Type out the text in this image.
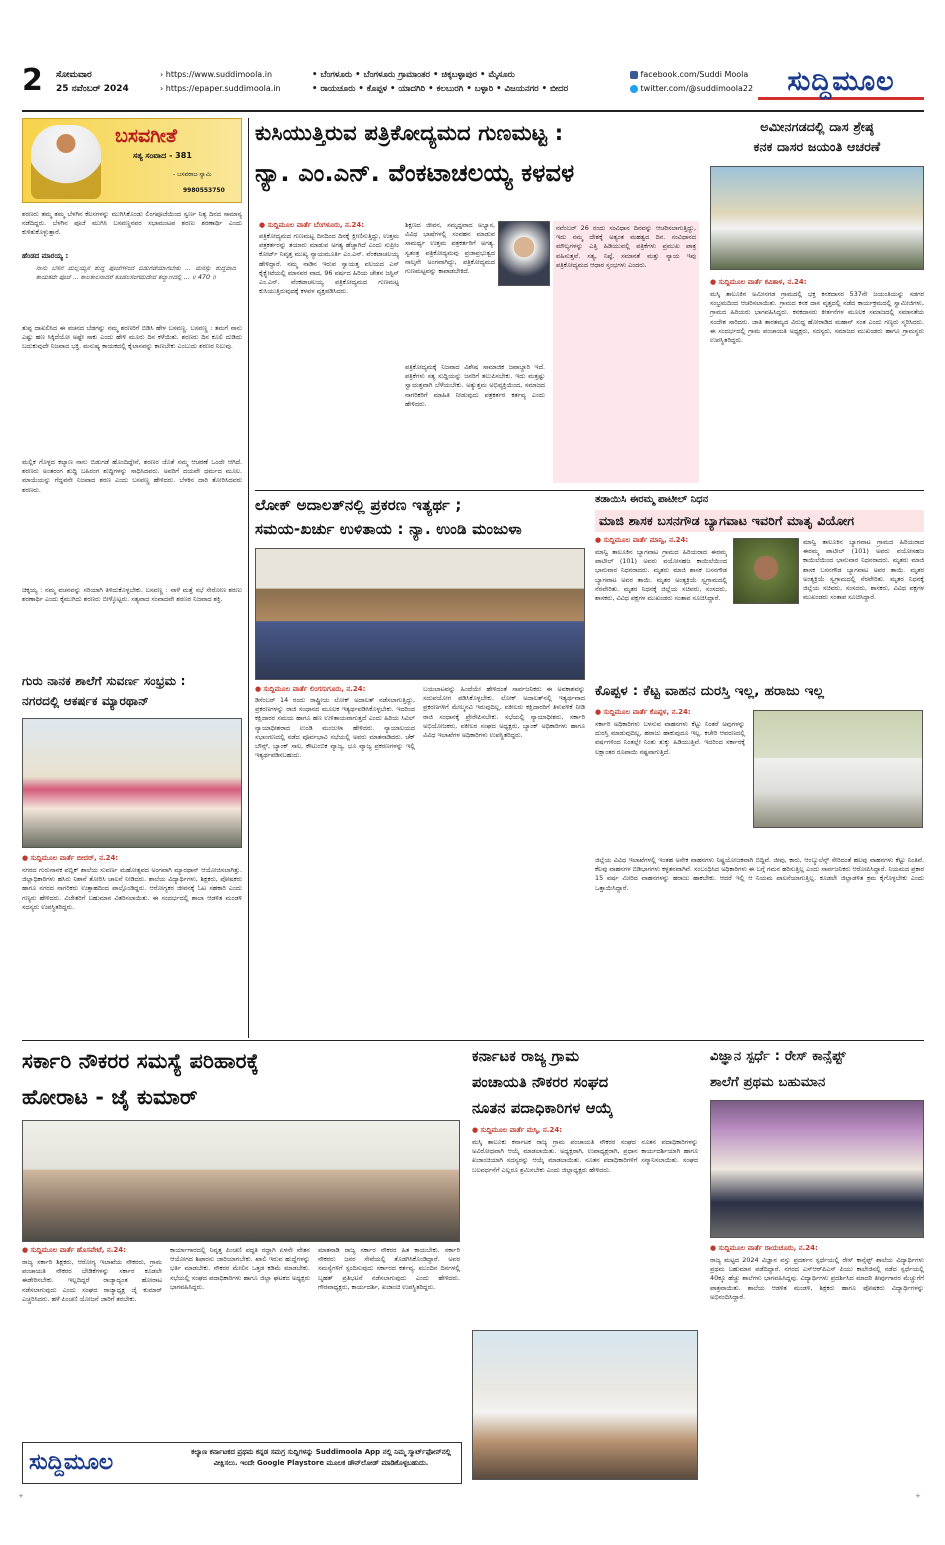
2 ಸೋಮವಾರ
25 ನವೆಂಬರ್ 2024
› https://www.suddimoola.in
› https://epaper.suddimoola.in
• ಬೆಂಗಳೂರು • ಬೆಂಗಳೂರು ಗ್ರಾಮಾಂತರ • ಚಿಕ್ಕಬಳ್ಳಾಪುರ • ಮೈಸೂರು
• ರಾಯಚೂರು • ಕೊಪ್ಪಳ • ಯಾದಗಿರಿ • ಕಲಬುರಗಿ • ಬಳ್ಳಾರಿ • ವಿಜಯನಗರ • ಬೀದರ
facebook.com/Suddi Moola
twitter.com/@suddimoola22	ಸುದ್ದಿಮೂಲ
ಬಸವಗೀತೆ
ಸತ್ಯ ಸಂವಾದ - 381
- ಬಸವರಾಜ ಸ್ವಾಮಿ
9980553750
ಶರಣರು ತಮ್ಮ ತಮ್ಮ ಬೆಳಗಿನ ಕೆಲಸಗಳನ್ನು ಮುಗಿಸಿಕೊಂಡು ಲಿಂಗಪೂಜೆಯಿಂದ ಸ್ವರ್ಣ ನಿತ್ಯ ದಿನದ ಸಾಮಾನ್ಯ ನಡೆದಿದ್ದರು. ಬೆಳಗಿನ ಪೂಜೆ ಮುಗಿಸಿ ಬಸವಣ್ಣನವರ ಸಭಾಮಂಟಪ ಶರಣು ಶರಣಾರ್ಥಿ ಎಂದು ಕುಳಿತುಕೊಳ್ಳುತ್ತಾರೆ.
ಹೆಂಡದ ಮಾರಯ್ಯ :
ನಾನು ಬೆಸನೆ ಮಲ್ಲಯ್ಯನ ಶುದ್ಧ ಪೂಜೆಗಳಿಂದ ಬಿಡುಗಡೆಯಾಗಬೇಕು ... ಮನಸ್ಸು ಶುದ್ಧವಾದ ಕಾಯಕವೇ ಪೂಜೆ ... ಕಾಲಕಾಲನಾದರೆ ಕೂಡಲಸಂಗಮದೇವ ಕಲ್ಯಾಣದಲ್ಲಿ ... ॥ 470 ॥
ತುಪ್ಪ ದಾಖಲಿಸಿದ ಈ ವಚನದ ಬೆಡಗನ್ನು ನಮ್ಮ ಶರಣರಿಗೆ ಬಿಡಿಸಿ ಹೇಳ ಬಸವಣ್ಣ. ಬಸವಣ್ಣ : ತಮಗೆ ನಾನು ಎಷ್ಟು ಹಣ ಸಿಕ್ಕಿದೆಯೋ ಅಷ್ಟೇ ಸಾಕು ಎಂದು ಹೇಳಿ ಮೂರು ದಿನ ಕಳೆಯಿತು. ಶರಣರು ದಿನ ಕೂಲಿ ದುಡಿದು ಬದುಕುವುದೇ ನಿಜವಾದ ಭಕ್ತಿ. ಮನುಷ್ಯ ಕಾಯಕದಲ್ಲಿ ಕೈಲಾಸವನ್ನು ಕಾಣಬೇಕು ಎಂಬುದು ಶರಣರ ನಿಲುವು.
ಮಲ್ಲಿಕ ಗೊಳ್ಳದ ಕಲ್ಯಾಣ ನಾನು ಬಿಡುಗಡೆ ಹೊಂದಿದ್ದೇನೆ, ಶರಣರ ಜೊತೆ ನಮ್ಮ ಆಚರಣೆ ಒಂದೇ ಆಗಿದೆ. ಶರಣರು ಅಂತರಂಗ ಶುದ್ಧಿ ಬಹಿರಂಗ ಶುದ್ಧಿಗಳನ್ನು ಸಾಧಿಸಿದವರು. ಅವರಿಗೆ ದಯವೇ ಧರ್ಮದ ಮೂಲ. ಮಾಯೆಯನ್ನು ಗೆದ್ದವನೇ ನಿಜವಾದ ಶರಣ ಎಂದು ಬಸವಣ್ಣ ಹೇಳಿದರು. ಬೆಳಕಿನ ದಾರಿ ತೋರಿಸಿದವರು ಶರಣರು.
ಚಿಕ್ಕಯ್ಯ : ನಮ್ಮ ವಚನವನ್ನು ಸರಿಯಾಗಿ ತಿಳಿದುಕೊಳ್ಳಬೇಕು. ಬಸವಣ್ಣ : ನಾಳೆ ಮತ್ತೆ ಸಭೆ ಸೇರೋಣ ಶರಣು ಶರಣಾರ್ಥಿ ಎಂದು ಕೈಮುಗಿದು ಶರಣರು ಬೀಳ್ಕೊಟ್ಟರು. ಸತ್ಯವಾದ ಸಂವಾದವೇ ಶರಣರ ನಿಜವಾದ ಶಕ್ತಿ.
ಕುಸಿಯುತ್ತಿರುವ ಪತ್ರಿಕೋದ್ಯಮದ ಗುಣಮಟ್ಟ :
ನ್ಯಾ. ಎಂ.ಎನ್. ವೆಂಕಟಾಚಲಯ್ಯ ಕಳವಳ
● ಸುದ್ದಿಮೂಲ ವಾರ್ತೆ ಬೆಂಗಳೂರು, ನ.24:
ಪತ್ರಿಕೋದ್ಯಮದ ಗುಣಮಟ್ಟ ದಿನದಿಂದ ದಿನಕ್ಕೆ ಕ್ಷೀಣಿಸುತ್ತಿದ್ದು, ಉತ್ತಮ ಪತ್ರಕರ್ತರನ್ನು ತಯಾರು ಮಾಡುವ ಅಗತ್ಯ ಹೆಚ್ಚಾಗಿದೆ ಎಂದು ಸುಪ್ರೀಂ ಕೋರ್ಟ್ ನಿವೃತ್ತ ಮುಖ್ಯ ನ್ಯಾಯಮೂರ್ತಿ ಎಂ.ಎನ್. ವೆಂಕಟಾಚಲಯ್ಯ ಹೇಳಿದ್ದಾರೆ. ನಮ್ಮ ನಾಡಿನ ಇರುವ ಸ್ವಾಯತ್ತ ವಲಯದ ಎಸ್ ಕೈಕ್ಸ್ಪೇಟೆಯಲ್ಲಿ ಮಾನವರ ವಾದ, 96 ವರ್ಷದ ಹಿರಿಯ ಚೇತನ ಜಸ್ಟಿಸ್ ಎಂ.ಎನ್. ವೆಂಕಟಾಚಲಯ್ಯ ಪತ್ರಿಕೋದ್ಯಮದ ಗುಣಮಟ್ಟ ಕುಸಿಯುತ್ತಿರುವುದಕ್ಕೆ ಕಳವಳ ವ್ಯಕ್ತಪಡಿಸಿದರು.
ಪತ್ರಿಕೋದ್ಯಮಕ್ಕೆ ನಿಜವಾದ ವಿಶೇಷ ಸಾಮಾಜಿಕ ಜವಾಬ್ದಾರಿ ಇದೆ. ಪತ್ರಿಕೆಗಳು ಸತ್ಯ ಸುದ್ದಿಯನ್ನು ಜನರಿಗೆ ತಲುಪಿಸಬೇಕು. ಇದು ಮತ್ತಷ್ಟು ಸ್ವಾಯತ್ತವಾಗಿ ಬೆಳೆಯಬೇಕು. ಅತ್ಯುತ್ತಮ ಅಭಿವ್ಯಕ್ತಿಯಿಂದ, ಸಮಾಜದ ನಾಗರಿಕರಿಗೆ ಮಾಹಿತಿ ನೀಡುವುದು ಪತ್ರಕರ್ತರ ಕರ್ತವ್ಯ ಎಂದು ಹೇಳಿದರು.
ಶಿಕ್ಷಣದ ಜೀವನ, ಸಮೃದ್ಧವಾದ ಅಭ್ಯಾಸ, ವಿವಿಧ ಭಾಷೆಗಳಲ್ಲಿ ಸಂವಹನ ಮಾಡುವ ಸಾಮರ್ಥ್ಯ ಉತ್ತಮ ಪತ್ರಕರ್ತರಿಗೆ ಅಗತ್ಯ. ಸ್ವತಂತ್ರ ಪತ್ರಿಕೋದ್ಯಮವು ಪ್ರಜಾಪ್ರಭುತ್ವದ ನಾಲ್ಕನೇ ಅಂಗವಾಗಿದ್ದು, ಪತ್ರಿಕೋದ್ಯಮದ ಗುಣಮಟ್ಟವನ್ನು ಕಾಪಾಡಬೇಕಿದೆ.
ನವೆಂಬರ್ 26 ರಂದು ಸಂವಿಧಾನ ದಿನವನ್ನು ಆಚರಿಸಲಾಗುತ್ತಿದ್ದು, ಇದು ನಮ್ಮ ದೇಶಕ್ಕೆ ಅತ್ಯಂತ ಮಹತ್ವದ ದಿನ. ಸಂವಿಧಾನದ ಮೌಲ್ಯಗಳನ್ನು ಎತ್ತಿ ಹಿಡಿಯುವಲ್ಲಿ ಪತ್ರಿಕೆಗಳು ಪ್ರಮುಖ ಪಾತ್ರ ವಹಿಸುತ್ತವೆ. ಸತ್ಯ, ನಿಷ್ಠೆ, ಸಮಾನತೆ ಮತ್ತು ನ್ಯಾಯ ಇವು ಪತ್ರಿಕೋದ್ಯಮದ ಆಧಾರ ಸ್ತಂಭಗಳು ಎಂದರು.
ಅಮೀನಗಡದಲ್ಲಿ ದಾಸ ಶ್ರೇಷ್ಠ
ಕನಕ ದಾಸರ ಜಯಂತಿ ಆಚರಣೆ
● ಸುದ್ದಿಮೂಲ ವಾರ್ತೆ ಕವಿತಾಳ, ನ.24:
ಮಸ್ಕಿ ತಾಲೂಕಿನ ಅಮೀನಗಡ ಗ್ರಾಮದಲ್ಲಿ ಭಕ್ತ ಕನಕದಾಸರ 537ನೇ ಜಯಂತಿಯನ್ನು ಸಡಗರ ಸಂಭ್ರಮದಿಂದ ಆಚರಿಸಲಾಯಿತು. ಗ್ರಾಮದ ಕನಕ ದಾಸ ವೃತ್ತದಲ್ಲಿ ನಡೆದ ಕಾರ್ಯಕ್ರಮದಲ್ಲಿ ಸ್ವಾಮೀಜಿಗಳು, ಗ್ರಾಮದ ಹಿರಿಯರು ಭಾಗವಹಿಸಿದ್ದರು. ಕನಕದಾಸರು ಕೀರ್ತನೆಗಳ ಮೂಲಕ ಸಮಾಜದಲ್ಲಿ ಸಮಾನತೆಯ ಸಂದೇಶ ಸಾರಿದರು. ಜಾತಿ ತಾರತಮ್ಯದ ವಿರುದ್ಧ ಹೋರಾಡಿದ ಮಹಾನ್ ಸಂತ ಎಂದು ಗಣ್ಯರು ಸ್ಮರಿಸಿದರು. ಈ ಸಂದರ್ಭದಲ್ಲಿ ಗ್ರಾಮ ಪಂಚಾಯತಿ ಅಧ್ಯಕ್ಷರು, ಸದಸ್ಯರು, ಸಮಾಜದ ಮುಖಂಡರು ಹಾಗೂ ಗ್ರಾಮಸ್ಥರು ಉಪಸ್ಥಿತರಿದ್ದರು.
ಲೋಕ್ ಅದಾಲತ್‌ನಲ್ಲಿ ಪ್ರಕರಣ ಇತ್ಯರ್ಥ ;
ಸಮಯ-ಖರ್ಚು ಉಳಿತಾಯ : ನ್ಯಾ. ಉಂಡಿ ಮಂಜುಳಾ
● ಸುದ್ದಿಮೂಲ ವಾರ್ತೆ ಲಿಂಗಸುಗೂರು, ನ.24:
ಡಿಸೆಂಬರ್ 14 ರಂದು ರಾಷ್ಟ್ರೀಯ ಲೋಕ್ ಅದಾಲತ್ ನಡೆಸಲಾಗುತ್ತಿದ್ದು, ಪ್ರಕರಣಗಳನ್ನು ರಾಜಿ ಸಂಧಾನದ ಮೂಲಕ ಇತ್ಯರ್ಥಪಡಿಸಿಕೊಳ್ಳಬೇಕು. ಇದರಿಂದ ಕಕ್ಷಿದಾರರ ಸಮಯ ಹಾಗೂ ಹಣ ಉಳಿತಾಯವಾಗುತ್ತದೆ ಎಂದು ಹಿರಿಯ ಸಿವಿಲ್ ನ್ಯಾಯಾಧೀಶರಾದ ಉಂಡಿ ಮಂಜುಳಾ ಹೇಳಿದರು. ನ್ಯಾಯಾಲಯದ ಸಭಾಂಗಣದಲ್ಲಿ ನಡೆದ ಪೂರ್ವಭಾವಿ ಸಭೆಯಲ್ಲಿ ಅವರು ಮಾತನಾಡಿದರು. ಚೆಕ್ ಬೌನ್ಸ್, ಬ್ಯಾಂಕ್ ಸಾಲ, ಕೌಟುಂಬಿಕ ವ್ಯಾಜ್ಯ, ಭೂ ವ್ಯಾಜ್ಯ ಪ್ರಕರಣಗಳನ್ನು ಇಲ್ಲಿ ಇತ್ಯರ್ಥಪಡಿಸಬಹುದು.
ಬಯಲಾಟವನ್ನು ಹಿಂದೆಯೇ ಹೇಳಿದಂತೆ ಸಾರ್ವಜನಿಕರು ಈ ಅವಕಾಶವನ್ನು ಸದುಪಯೋಗ ಪಡಿಸಿಕೊಳ್ಳಬೇಕು. ಲೋಕ್ ಅದಾಲತ್‌ನಲ್ಲಿ ಇತ್ಯರ್ಥವಾದ ಪ್ರಕರಣಗಳಿಗೆ ಮೇಲ್ಮನವಿ ಇರುವುದಿಲ್ಲ. ವಕೀಲರು ಕಕ್ಷಿದಾರರಿಗೆ ತಿಳುವಳಿಕೆ ನೀಡಿ ರಾಜಿ ಸಂಧಾನಕ್ಕೆ ಪ್ರೇರೇಪಿಸಬೇಕು. ಸಭೆಯಲ್ಲಿ ನ್ಯಾಯಾಧೀಶರು, ಸರ್ಕಾರಿ ಅಭಿಯೋಜಕರು, ವಕೀಲರ ಸಂಘದ ಅಧ್ಯಕ್ಷರು, ಬ್ಯಾಂಕ್ ಅಧಿಕಾರಿಗಳು ಹಾಗೂ ವಿವಿಧ ಇಲಾಖೆಗಳ ಅಧಿಕಾರಿಗಳು ಉಪಸ್ಥಿತರಿದ್ದರು.
ತಡಾಯಿಸಿ ಈರಮ್ಮ ಪಾಟೀಲ್ ನಿಧನ
ಮಾಜಿ ಶಾಸಕ ಬಸನಗೌಡ ಬ್ಯಾಗವಾಟ ಇವರಿಗೆ ಮಾತೃ ವಿಯೋಗ
● ಸುದ್ದಿಮೂಲ ವಾರ್ತೆ ಮಾನ್ವಿ, ನ.24:
ಮಾನ್ವಿ ತಾಲೂಕಿನ ಬ್ಯಾಗವಾಟ ಗ್ರಾಮದ ಹಿರಿಯರಾದ ಈರಮ್ಮ ಪಾಟೀಲ್ (101) ಅವರು ವಯೋಸಹಜ ಕಾಯಿಲೆಯಿಂದ ಭಾನುವಾರ ನಿಧನರಾದರು. ಮೃತರು ಮಾಜಿ ಶಾಸಕ ಬಸನಗೌಡ ಬ್ಯಾಗವಾಟ ಅವರ ತಾಯಿ. ಮೃತರ ಅಂತ್ಯಕ್ರಿಯೆ ಸ್ವಗ್ರಾಮದಲ್ಲಿ ನೆರವೇರಿತು. ಮೃತರ ನಿಧನಕ್ಕೆ ಜಿಲ್ಲೆಯ ಸಚಿವರು, ಸಂಸದರು, ಶಾಸಕರು, ವಿವಿಧ ಪಕ್ಷಗಳ ಮುಖಂಡರು ಸಂತಾಪ ಸೂಚಿಸಿದ್ದಾರೆ.
ಮಾನ್ವಿ ತಾಲೂಕಿನ ಬ್ಯಾಗವಾಟ ಗ್ರಾಮದ ಹಿರಿಯರಾದ ಈರಮ್ಮ ಪಾಟೀಲ್ (101) ಅವರು ವಯೋಸಹಜ ಕಾಯಿಲೆಯಿಂದ ಭಾನುವಾರ ನಿಧನರಾದರು. ಮೃತರು ಮಾಜಿ ಶಾಸಕ ಬಸನಗೌಡ ಬ್ಯಾಗವಾಟ ಅವರ ತಾಯಿ. ಮೃತರ ಅಂತ್ಯಕ್ರಿಯೆ ಸ್ವಗ್ರಾಮದಲ್ಲಿ ನೆರವೇರಿತು. ಮೃತರ ನಿಧನಕ್ಕೆ ಜಿಲ್ಲೆಯ ಸಚಿವರು, ಸಂಸದರು, ಶಾಸಕರು, ವಿವಿಧ ಪಕ್ಷಗಳ ಮುಖಂಡರು ಸಂತಾಪ ಸೂಚಿಸಿದ್ದಾರೆ.
ಕೊಪ್ಪಳ : ಕೆಟ್ಟ ವಾಹನ ದುರಸ್ತಿ ಇಲ್ಲ, ಹರಾಜು ಇಲ್ಲ
● ಸುದ್ದಿಮೂಲ ವಾರ್ತೆ ಕೊಪ್ಪಳ, ನ.24:
ಸರ್ಕಾರಿ ಅಧಿಕಾರಿಗಳು ಬಳಸುವ ವಾಹನಗಳು ಕೆಟ್ಟು ನಿಂತರೆ ಅವುಗಳನ್ನು ದುರಸ್ತಿ ಮಾಡುವುದಿಲ್ಲ, ಹರಾಜು ಹಾಕುವುದೂ ಇಲ್ಲ. ಕಚೇರಿ ಆವರಣದಲ್ಲಿ ವರ್ಷಗಳಿಂದ ನಿಂತಲ್ಲೇ ನಿಂತು ತುಕ್ಕು ಹಿಡಿಯುತ್ತಿವೆ. ಇದರಿಂದ ಸರ್ಕಾರಕ್ಕೆ ಲಕ್ಷಾಂತರ ರೂಪಾಯಿ ನಷ್ಟವಾಗುತ್ತಿದೆ.
ಜಿಲ್ಲೆಯ ವಿವಿಧ ಇಲಾಖೆಗಳಲ್ಲಿ ಇಂತಹ ಅನೇಕ ವಾಹನಗಳು ನಿಷ್ಪ್ರಯೋಜಕವಾಗಿ ಬಿದ್ದಿವೆ. ಜೀಪು, ಕಾರು, ಆಂಬ್ಯುಲೆನ್ಸ್ ಸೇರಿದಂತೆ ಹಲವು ವಾಹನಗಳು ಕೆಟ್ಟು ನಿಂತಿವೆ. ಕೆಲವು ವಾಹನಗಳ ಬಿಡಿಭಾಗಗಳು ಕಳ್ಳತನವಾಗಿವೆ. ಸಂಬಂಧಿಸಿದ ಅಧಿಕಾರಿಗಳು ಈ ಬಗ್ಗೆ ಗಮನ ಹರಿಸುತ್ತಿಲ್ಲ ಎಂದು ಸಾರ್ವಜನಿಕರು ಆರೋಪಿಸಿದ್ದಾರೆ. ನಿಯಮದ ಪ್ರಕಾರ 15 ವರ್ಷ ಮೀರಿದ ವಾಹನಗಳನ್ನು ಹರಾಜು ಹಾಕಬೇಕು. ಆದರೆ ಇಲ್ಲಿ ಆ ನಿಯಮ ಪಾಲನೆಯಾಗುತ್ತಿಲ್ಲ. ಕೂಡಲೇ ಜಿಲ್ಲಾಡಳಿತ ಕ್ರಮ ಕೈಗೊಳ್ಳಬೇಕು ಎಂದು ಒತ್ತಾಯಿಸಿದ್ದಾರೆ.
ಗುರು ನಾನಕ ಶಾಲೆಗೆ ಸುವರ್ಣ ಸಂಭ್ರಮ :
ನಗರದಲ್ಲಿ ಆಕರ್ಷಕ ಮ್ಯಾರಥಾನ್
● ಸುದ್ದಿಮೂಲ ವಾರ್ತೆ ಬೀದರ್, ನ.24:
ನಗರದ ಗುರುನಾನಕ ಪಬ್ಲಿಕ್ ಶಾಲೆಯ ಸುವರ್ಣ ಮಹೋತ್ಸವದ ಅಂಗವಾಗಿ ಮ್ಯಾರಥಾನ್ ಆಯೋಜಿಸಲಾಗಿತ್ತು. ಜಿಲ್ಲಾಧಿಕಾರಿಗಳು ಹಸಿರು ನಿಶಾನೆ ತೋರಿಸಿ ಚಾಲನೆ ನೀಡಿದರು. ಶಾಲೆಯ ವಿದ್ಯಾರ್ಥಿಗಳು, ಶಿಕ್ಷಕರು, ಪೋಷಕರು ಹಾಗೂ ನಗರದ ನಾಗರಿಕರು ಉತ್ಸಾಹದಿಂದ ಪಾಲ್ಗೊಂಡಿದ್ದರು. ಆರೋಗ್ಯಕರ ಜೀವನಕ್ಕೆ ಓಟ ಸಹಕಾರಿ ಎಂದು ಗಣ್ಯರು ಹೇಳಿದರು. ವಿಜೇತರಿಗೆ ಬಹುಮಾನ ವಿತರಿಸಲಾಯಿತು. ಈ ಸಂದರ್ಭದಲ್ಲಿ ಶಾಲಾ ಆಡಳಿತ ಮಂಡಳಿ ಸದಸ್ಯರು ಉಪಸ್ಥಿತರಿದ್ದರು.
ಸರ್ಕಾರಿ ನೌಕರರ ಸಮಸ್ಯೆ ಪರಿಹಾರಕ್ಕೆ
ಹೋರಾಟ - ಜೈ ಕುಮಾರ್
● ಸುದ್ದಿಮೂಲ ವಾರ್ತೆ ಹೊಸಪೇಟೆ, ನ.24:
ರಾಜ್ಯ ಸರ್ಕಾರಿ ಶಿಕ್ಷಕರು, ಆರೋಗ್ಯ ಇಲಾಖೆಯ ನೌಕರರು, ಗ್ರಾಮ ಪಂಚಾಯತಿ ನೌಕರರ ಬೇಡಿಕೆಗಳನ್ನು ಸರ್ಕಾರ ಕೂಡಲೇ ಈಡೇರಿಸಬೇಕು. ಇಲ್ಲದಿದ್ದರೆ ರಾಜ್ಯಾದ್ಯಂತ ಹೋರಾಟ ನಡೆಸಲಾಗುವುದು ಎಂದು ಸಂಘದ ರಾಜ್ಯಾಧ್ಯಕ್ಷ ಜೈ ಕುಮಾರ್ ಎಚ್ಚರಿಸಿದರು. ಹಳೆ ಪಿಂಚಣಿ ಯೋಜನೆ ಜಾರಿಗೆ ತರಬೇಕು.
ಕಾರ್ಯಾಗಾರದಲ್ಲಿ ನಿವೃತ್ತ ಪಿಂಚಣಿ ಪದ್ಧತಿ ರದ್ದಾಗಿ ಏಳನೇ ವೇತನ ಆಯೋಗದ ಶಿಫಾರಸು ಜಾರಿಯಾಗಬೇಕು. ಖಾಲಿ ಇರುವ ಹುದ್ದೆಗಳನ್ನು ಭರ್ತಿ ಮಾಡಬೇಕು. ನೌಕರರ ಮೇಲಿನ ಒತ್ತಡ ಕಡಿಮೆ ಮಾಡಬೇಕು. ಸಭೆಯಲ್ಲಿ ಸಂಘದ ಪದಾಧಿಕಾರಿಗಳು ಹಾಗೂ ಜಿಲ್ಲಾ ಘಟಕದ ಅಧ್ಯಕ್ಷರು ಭಾಗವಹಿಸಿದ್ದರು.
ಮಾತನಾಡಿ ರಾಜ್ಯ ಸರ್ಕಾರ ನೌಕರರ ಹಿತ ಕಾಯಬೇಕು. ಸರ್ಕಾರಿ ನೌಕರರು ಜನರ ಸೇವೆಯಲ್ಲಿ ತೊಡಗಿಸಿಕೊಂಡಿದ್ದಾರೆ. ಅವರ ಸಮಸ್ಯೆಗಳಿಗೆ ಸ್ಪಂದಿಸುವುದು ಸರ್ಕಾರದ ಕರ್ತವ್ಯ. ಮುಂದಿನ ದಿನಗಳಲ್ಲಿ ಬೃಹತ್ ಪ್ರತಿಭಟನೆ ನಡೆಸಲಾಗುವುದು ಎಂದು ಹೇಳಿದರು. ಗೌರವಾಧ್ಯಕ್ಷರು, ಕಾರ್ಯದರ್ಶಿ, ಖಜಾಂಚಿ ಉಪಸ್ಥಿತರಿದ್ದರು.
ಕರ್ನಾಟಕ ರಾಜ್ಯ ಗ್ರಾಮ
ಪಂಚಾಯತಿ ನೌಕರರ ಸಂಘದ
ನೂತನ ಪದಾಧಿಕಾರಿಗಳ ಆಯ್ಕೆ
● ಸುದ್ದಿಮೂಲ ವಾರ್ತೆ ಮಸ್ಕಿ, ನ.24:
ಮಸ್ಕಿ ತಾಲೂಕು ಕರ್ನಾಟಕ ರಾಜ್ಯ ಗ್ರಾಮ ಪಂಚಾಯತಿ ನೌಕರರ ಸಂಘದ ನೂತನ ಪದಾಧಿಕಾರಿಗಳನ್ನು ಅವಿರೋಧವಾಗಿ ಆಯ್ಕೆ ಮಾಡಲಾಯಿತು. ಅಧ್ಯಕ್ಷರಾಗಿ, ಉಪಾಧ್ಯಕ್ಷರಾಗಿ, ಪ್ರಧಾನ ಕಾರ್ಯದರ್ಶಿಯಾಗಿ ಹಾಗೂ ಖಜಾಂಚಿಯಾಗಿ ಸದಸ್ಯರನ್ನು ಆಯ್ಕೆ ಮಾಡಲಾಯಿತು. ನೂತನ ಪದಾಧಿಕಾರಿಗಳಿಗೆ ಸನ್ಮಾನಿಸಲಾಯಿತು. ಸಂಘದ ಬಲವರ್ಧನೆಗೆ ಎಲ್ಲರೂ ಶ್ರಮಿಸಬೇಕು ಎಂದು ಜಿಲ್ಲಾಧ್ಯಕ್ಷರು ಹೇಳಿದರು.
ವಿಜ್ಞಾನ ಸ್ಪರ್ಧೆ : ರೇಸ್ ಕಾನ್ಸೆಪ್ಟ್
ಶಾಲೆಗೆ ಪ್ರಥಮ ಬಹುಮಾನ
● ಸುದ್ದಿಮೂಲ ವಾರ್ತೆ ರಾಯಚೂರು, ನ.24:
ರಾಜ್ಯ ಮಟ್ಟದ 2024 ವಿಜ್ಞಾನ ವಸ್ತು ಪ್ರದರ್ಶನ ಸ್ಪರ್ಧೆಯಲ್ಲಿ ರೇಸ್ ಕಾನ್ಸೆಪ್ಟ್ ಶಾಲೆಯ ವಿದ್ಯಾರ್ಥಿಗಳು ಪ್ರಥಮ ಬಹುಮಾನ ಪಡೆದಿದ್ದಾರೆ. ನಗರದ ಎಸ್‌ಆರ್‌ಪಿಎಸ್ ಪಿಯು ಕಾಲೇಜಿನಲ್ಲಿ ನಡೆದ ಸ್ಪರ್ಧೆಯಲ್ಲಿ 40ಕ್ಕೂ ಹೆಚ್ಚು ಶಾಲೆಗಳು ಭಾಗವಹಿಸಿದ್ದವು. ವಿದ್ಯಾರ್ಥಿಗಳು ಪ್ರದರ್ಶಿಸಿದ ಮಾದರಿ ತೀರ್ಪುಗಾರರ ಮೆಚ್ಚುಗೆಗೆ ಪಾತ್ರವಾಯಿತು. ಶಾಲೆಯ ಆಡಳಿತ ಮಂಡಳಿ, ಶಿಕ್ಷಕರು ಹಾಗೂ ಪೋಷಕರು ವಿದ್ಯಾರ್ಥಿಗಳನ್ನು ಅಭಿನಂದಿಸಿದ್ದಾರೆ.
ಸುದ್ದಿಮೂಲ	ಕಲ್ಯಾಣ ಕರ್ನಾಟಕದ ಪ್ರಥಮ ಕನ್ನಡ ಸಮಗ್ರ ಸುದ್ದಿಗಳನ್ನು Suddimoola App ನಲ್ಲಿ ನಿಮ್ಮ ಸ್ಮಾರ್ಟ್‌ಫೋನ್‌ನಲ್ಲಿ ವೀಕ್ಷಿಸಲು. ಇಂದೇ Google Playstore ಮೂಲಕ ಡೌನ್‌ಲೋಡ್ ಮಾಡಿಕೊಳ್ಳಬಹುದು.
+	+
